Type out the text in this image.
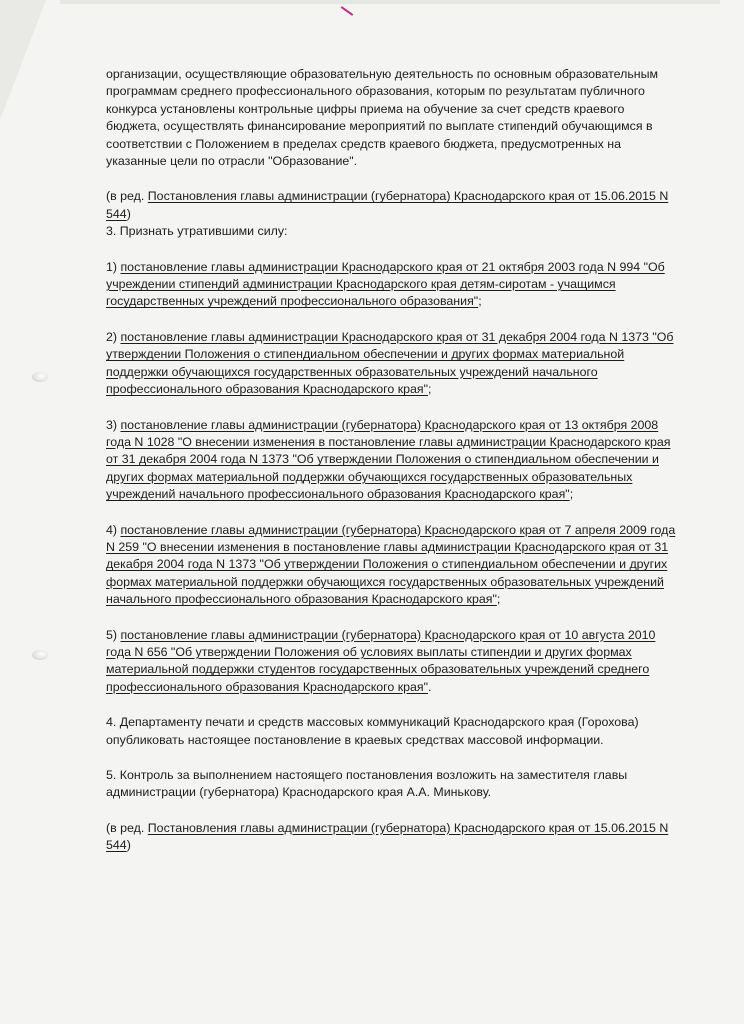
организации, осуществляющие образовательную деятельность по основным образовательным программам среднего профессионального образования, которым по результатам публичного конкурса установлены контрольные цифры приема на обучение за счет средств краевого бюджета, осуществлять финансирование мероприятий по выплате стипендий обучающимся в соответствии с Положением в пределах средств краевого бюджета, предусмотренных на указанные цели по отрасли "Образование".

(в ред. Постановления главы администрации (губернатора) Краснодарского края от 15.06.2015 N 544)

3. Признать утратившими силу:

1) постановление главы администрации Краснодарского края от 21 октября 2003 года N 994 "Об учреждении стипендий администрации Краснодарского края детям-сиротам - учащимся государственных учреждений профессионального образования";

2) постановление главы администрации Краснодарского края от 31 декабря 2004 года N 1373 "Об утверждении Положения о стипендиальном обеспечении и других формах материальной поддержки обучающихся государственных образовательных учреждений начального профессионального образования Краснодарского края";

3) постановление главы администрации (губернатора) Краснодарского края от 13 октября 2008 года N 1028 "О внесении изменения в постановление главы администрации Краснодарского края от 31 декабря 2004 года N 1373 "Об утверждении Положения о стипендиальном обеспечении и других формах материальной поддержки обучающихся государственных образовательных учреждений начального профессионального образования Краснодарского края";

4) постановление главы администрации (губернатора) Краснодарского края от 7 апреля 2009 года N 259 "О внесении изменения в постановление главы администрации Краснодарского края от 31 декабря 2004 года N 1373 "Об утверждении Положения о стипендиальном обеспечении и других формах материальной поддержки обучающихся государственных образовательных учреждений начального профессионального образования Краснодарского края";

5) постановление главы администрации (губернатора) Краснодарского края от 10 августа 2010 года N 656 "Об утверждении Положения об условиях выплаты стипендии и других формах материальной поддержки студентов государственных образовательных учреждений среднего профессионального образования Краснодарского края".

4. Департаменту печати и средств массовых коммуникаций Краснодарского края (Горохова) опубликовать настоящее постановление в краевых средствах массовой информации.

5. Контроль за выполнением настоящего постановления возложить на заместителя главы администрации (губернатора) Краснодарского края А.А. Минькову.

(в ред. Постановления главы администрации (губернатора) Краснодарского края от 15.06.2015 N 544)
